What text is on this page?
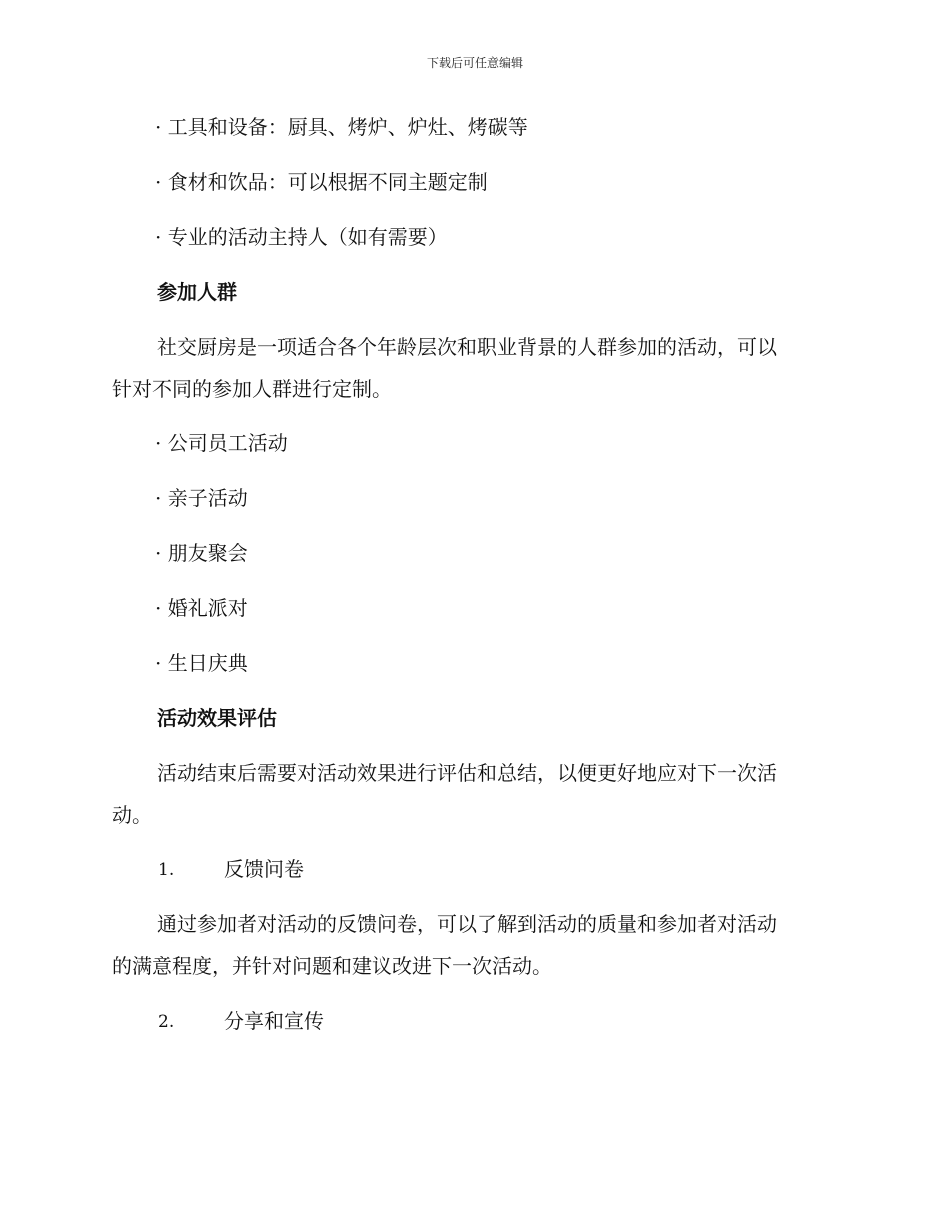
下载后可任意编辑
· 工具和设备：厨具、烤炉、炉灶、烤碳等
· 食材和饮品：可以根据不同主题定制
· 专业的活动主持人（如有需要）
参加人群
社交厨房是一项适合各个年龄层次和职业背景的人群参加的活动，可以
针对不同的参加人群进行定制。
· 公司员工活动
· 亲子活动
· 朋友聚会
· 婚礼派对
· 生日庆典
活动效果评估
活动结束后需要对活动效果进行评估和总结，以便更好地应对下一次活
动。
1. 反馈问卷
通过参加者对活动的反馈问卷，可以了解到活动的质量和参加者对活动
的满意程度，并针对问题和建议改进下一次活动。
2. 分享和宣传
